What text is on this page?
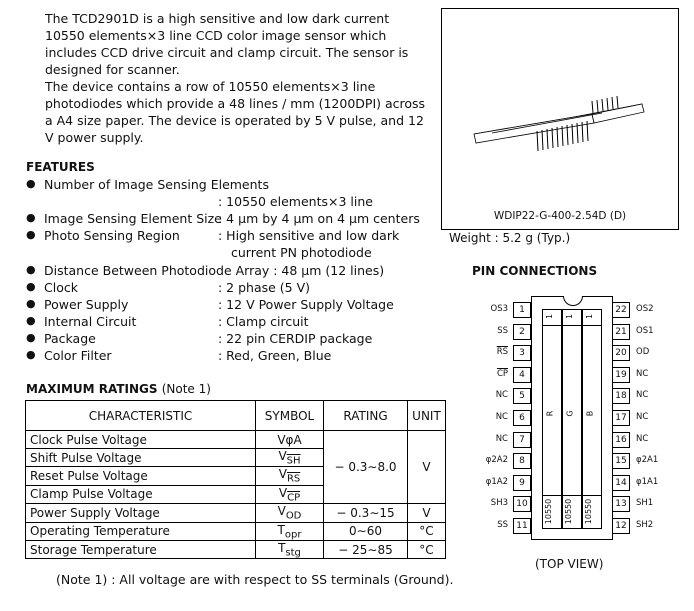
The TCD2901D is a high sensitive and low dark current 10550 elements×3 line CCD color image sensor which includes CCD drive circuit and clamp circuit. The sensor is designed for scanner.

The device contains a row of 10550 elements×3 line photodiodes which provide a 48 lines / mm (1200DPI) across a A4 size paper. The device is operated by 5 V pulse, and 12 V power supply.

WDIP22-G-400-2.54D (D)
Weight : 5.2 g (Typ.)
FEATURES
● Number of Image Sensing Elements
: 10550 elements×3 line
● Image Sensing Element Size
: 4 μm by 4 μm on 4 μm centers
● Photo Sensing Region	: High sensitive and low dark
current PN photodiode
● Distance Between Photodiode Array : 48 μm (12 lines)
● Clock	: 2 phase (5 V)
● Power Supply	: 12 V Power Supply Voltage
● Internal Circuit	: Clamp circuit
● Package	: 22 pin CERDIP package
● Color Filter	: Red, Green, Blue
MAXIMUM RATINGS (Note 1)
CHARACTERISTIC	SYMBOL	RATING	UNIT
Clock Pulse Voltage	VφA	− 0.3∼8.0	V
Shift Pulse Voltage	$V_{\overline{SH}}$
Reset Pulse Voltage	$V_{\overline{RS}}$
Clamp Pulse Voltage	$V_{\overline{CP}}$
Power Supply Voltage	$V_{OD}$	− 0.3∼15	V
Operating Temperature	$T_{opr}$	0∼60	°C
Storage Temperature	$T_{stg}$	− 25∼85	°C
(Note 1) : All voltage are with respect to SS terminals (Ground).
PIN CONNECTIONS
1 1 1
R G B
10550 10550 10550
OS3	1
SS	2
$\overline{RS}$	3
$\overline{CP}$	4
NC	5
NC	6
NC	7
φ2A2	8
φ1A2	9
SH3 10
SS 11
22	OS2
21	OS1
20	OD
19	NC
18	NC
17	NC
16	NC
15	φ2A1
14	φ1A1
13	SH1
12	SH2
(TOP VIEW)
